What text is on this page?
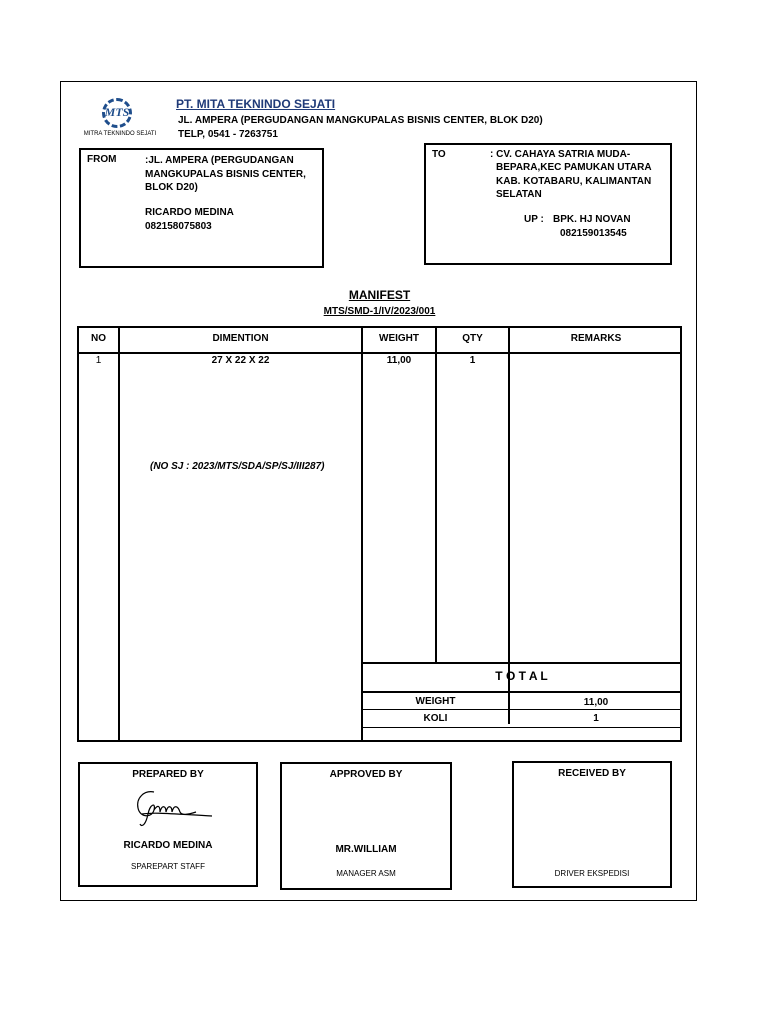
MTS
MITRA TEKNINDO SEJATI
PT. MITA TEKNINDO SEJATI
JL. AMPERA (PERGUDANGAN MANGKUPALAS BISNIS CENTER, BLOK D20)
TELP, 0541 - 7263751
FROM	:JL. AMPERA (PERGUDANGAN
MANGKUPALAS BISNIS CENTER,
BLOK D20)
RICARDO MEDINA
082158075803
TO	: CV. CAHAYA SATRIA MUDA-
BEPARA,KEC PAMUKAN UTARA
KAB. KOTABARU, KALIMANTAN
SELATAN
UP : BPK. HJ NOVAN
082159013545
MANIFEST
MTS/SMD-1/IV/2023/001
NO	DIMENTION	WEIGHT	QTY	REMARKS
1	27 X 22 X 22	11,00	1
(NO SJ : 2023/MTS/SDA/SP/SJ/III287)
T O T A L
WEIGHT	11,00
KOLI	1
PREPARED BY
RICARDO MEDINA
SPAREPART STAFF
APPROVED BY
MR.WILLIAM
MANAGER ASM
RECEIVED BY
DRIVER EKSPEDISI
